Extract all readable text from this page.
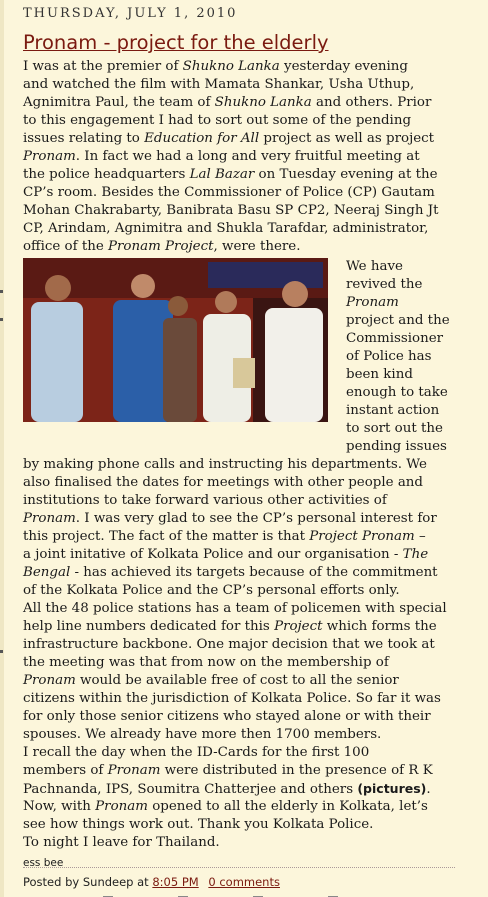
THURSDAY, JULY 1, 2010
Pronam - project for the elderly
I was at the premier of Shukno Lanka yesterday evening
and watched the film with Mamata Shankar, Usha Uthup,
Agnimitra Paul, the team of Shukno Lanka and others. Prior
to this engagement I had to sort out some of the pending
issues relating to Education for All project as well as project
Pronam. In fact we had a long and very fruitful meeting at
the police headquarters Lal Bazar on Tuesday evening at the
CP’s room. Besides the Commissioner of Police (CP) Gautam
Mohan Chakrabarty, Banibrata Basu SP CP2, Neeraj Singh Jt
CP, Arindam, Agnimitra and Shukla Tarafdar, administrator,
office of the Pronam Project, were there.
We have
revived the
Pronam
project and the
Commissioner
of Police has
been kind
enough to take
instant action
to sort out the
pending issues
by making phone calls and instructing his departments. We
also finalised the dates for meetings with other people and
institutions to take forward various other activities of
Pronam. I was very glad to see the CP’s personal interest for
this project. The fact of the matter is that Project Pronam –
a joint initative of Kolkata Police and our organisation - The
Bengal - has achieved its targets because of the commitment
of the Kolkata Police and the CP’s personal efforts only.
All the 48 police stations has a team of policemen with special
help line numbers dedicated for this Project which forms the
infrastructure backbone. One major decision that we took at
the meeting was that from now on the membership of
Pronam would be available free of cost to all the senior
citizens within the jurisdiction of Kolkata Police. So far it was
for only those senior citizens who stayed alone or with their
spouses. We already have more then 1700 members.
I recall the day when the ID-Cards for the first 100
members of Pronam were distributed in the presence of R K
Pachnanda, IPS, Soumitra Chatterjee and others (pictures).
Now, with Pronam opened to all the elderly in Kolkata, let’s
see how things work out. Thank you Kolkata Police.
To night I leave for Thailand.
ess bee
Posted by Sundeep at 8:05 PM 0 comments
